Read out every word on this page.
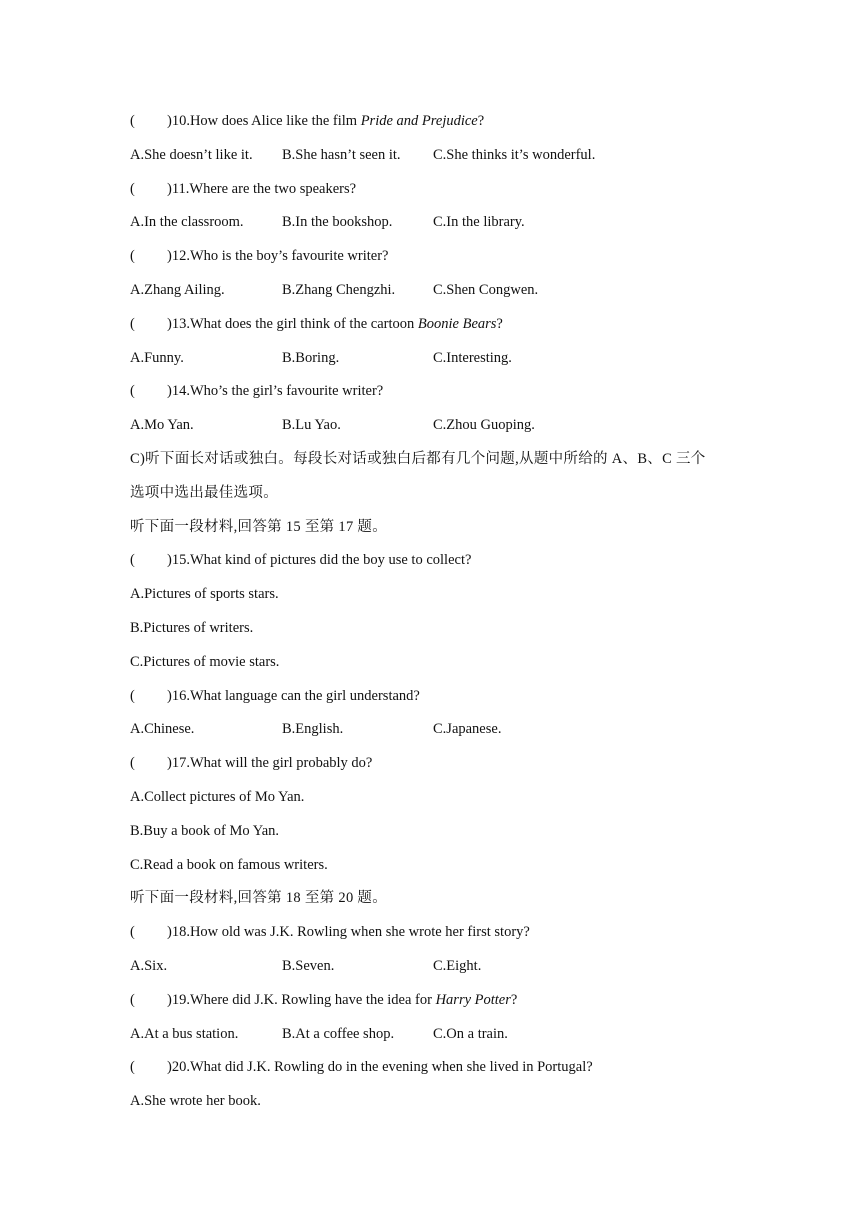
( )10.How does Alice like the film Pride and Prejudice?
A.She doesn’t like it. B.She hasn’t seen it. C.She thinks it’s wonderful.
( )11.Where are the two speakers?
A.In the classroom.	B.In the bookshop.	C.In the library.
( )12.Who is the boy’s favourite writer?
A.Zhang Ailing.	B.Zhang Chengzhi.	C.Shen Congwen.
( )13.What does the girl think of the cartoon Boonie Bears?
A.Funny.	B.Boring.	C.Interesting.
( )14.Who’s the girl’s favourite writer?
A.Mo Yan.	B.Lu Yao.	C.Zhou Guoping.
C)听下面长对话或独白。每段长对话或独白后都有几个问题,从题中所给的 A、B、C 三个
选项中选出最佳选项。
听下面一段材料,回答第 15 至第 17 题。
( )15.What kind of pictures did the boy use to collect?
A.Pictures of sports stars.
B.Pictures of writers.
C.Pictures of movie stars.
( )16.What language can the girl understand?
A.Chinese.	B.English.	C.Japanese.
( )17.What will the girl probably do?
A.Collect pictures of Mo Yan.
B.Buy a book of Mo Yan.
C.Read a book on famous writers.
听下面一段材料,回答第 18 至第 20 题。
( )18.How old was J.K. Rowling when she wrote her first story?
A.Six.	B.Seven.	C.Eight.
( )19.Where did J.K. Rowling have the idea for Harry Potter?
A.At a bus station.	B.At a coffee shop.	C.On a train.
( )20.What did J.K. Rowling do in the evening when she lived in Portugal?
A.She wrote her book.
